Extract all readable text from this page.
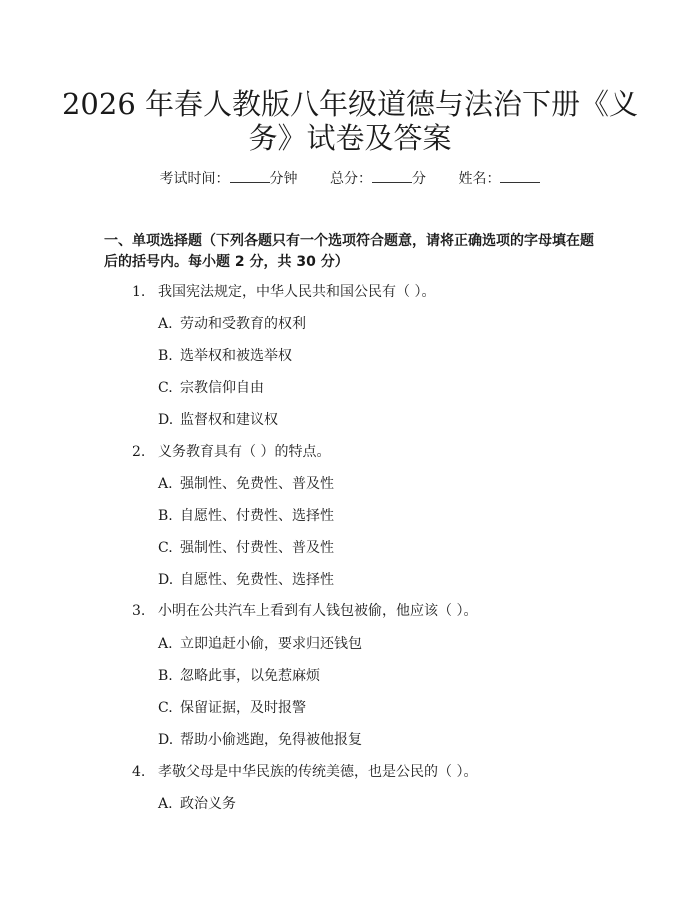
2026 年春人教版八年级道德与法治下册《义
务》试卷及答案
考试时间：	分钟 总分：	分 姓名：
一、单项选择题（下列各题只有一个选项符合题意，请将正确选项的字母填在题
后的括号内。每小题 2 分，共 30 分）
1. 我国宪法规定，中华人民共和国公民有（ ）。
A. 劳动和受教育的权利
B. 选举权和被选举权
C. 宗教信仰自由
D. 监督权和建议权
2. 义务教育具有（ ）的特点。
A. 强制性、免费性、普及性
B. 自愿性、付费性、选择性
C. 强制性、付费性、普及性
D. 自愿性、免费性、选择性
3. 小明在公共汽车上看到有人钱包被偷，他应该（ ）。
A. 立即追赶小偷，要求归还钱包
B. 忽略此事，以免惹麻烦
C. 保留证据，及时报警
D. 帮助小偷逃跑，免得被他报复
4. 孝敬父母是中华民族的传统美德，也是公民的（ ）。
A. 政治义务
